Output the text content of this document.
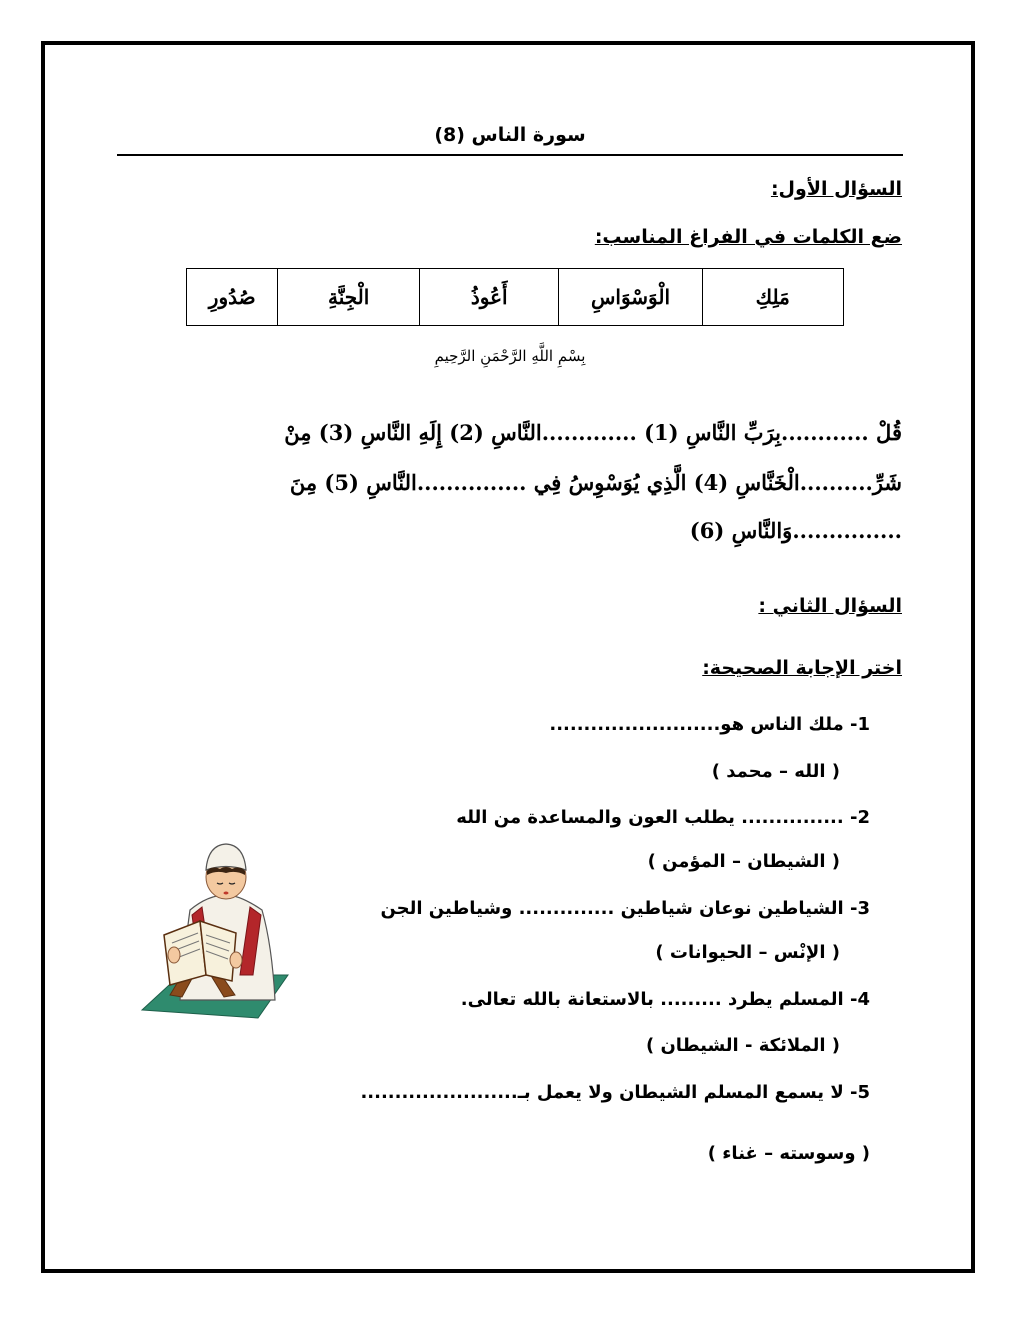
سورة الناس (8)
السؤال الأول:
ضع الكلمات في الفراغ المناسب:
مَلِكِ	الْوَسْوَاسِ	أَعُوذُ	الْجِنَّةِ	صُدُورِ
بِسْمِ اللَّهِ الرَّحْمَنِ الرَّحِيمِ
قُلْ ............بِرَبِّ النَّاسِ (1) .............النَّاسِ (2) إِلَهِ النَّاسِ (3) مِنْ
شَرِّ..........الْخَنَّاسِ (4) الَّذِي يُوَسْوِسُ فِي ...............النَّاسِ (5) مِنَ
...............وَالنَّاسِ (6)
السؤال الثاني :
اختر الإجابة الصحيحة:
1- ملك الناس هو.........................
( الله – محمد )
2- ............... يطلب العون والمساعدة من الله
( الشيطان – المؤمن )
3- الشياطين نوعان شياطين .............. وشياطين الجن
( الإنْس – الحيوانات )
4- المسلم يطرد ......... بالاستعانة بالله تعالى.
( الملائكة - الشيطان )
5- لا يسمع المسلم الشيطان ولا يعمل بـ.......................
( وسوسته – غناء )
